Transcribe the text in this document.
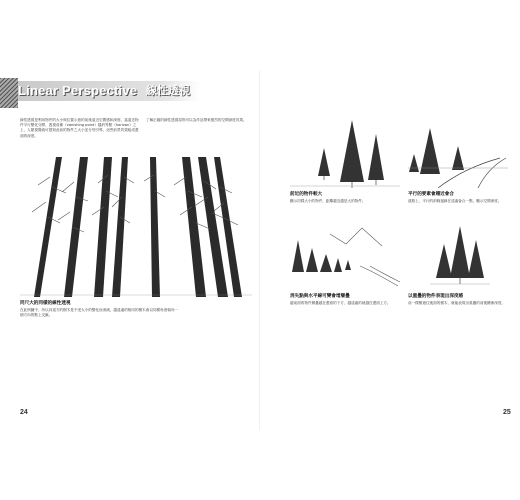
Linear Perspective 線性透視
線性透視是利用物件的大小與位置示意的前後遠近空間感和深度。當遠近物件平行變化分開、透視成像（vanishing point）隱約等點（horizon）之上，人類視覺就可感知此前的物件之大小並分別引導，這些前景效果組成畫面的深度。
了解正確的線性透視原則可以為作品帶來強烈的空間深度效果。
同尺大的同樣的線性透視
在此例圖中，所以向遠方的樹木是不受大小的變化而消減，越遠處的相同的樹木會以同樣角度朝向一個方向的點上交匯。
24
前近的物件較大
顯示同樣大小的物件，距離越近越是大的物件。
平行的要素會趨近會合
道路上，平行的兩條邊線在遠處會合一點，顯示空間深度。
消失點與水平線可變會增層疊
越前面的物件層疊越在畫面的下方，越遠處的就越在畫面上方。
以重疊的物件表現出深度感
前一棵樹遮住後面的樹木，就能表現出重疊的前後關係深度。
25
